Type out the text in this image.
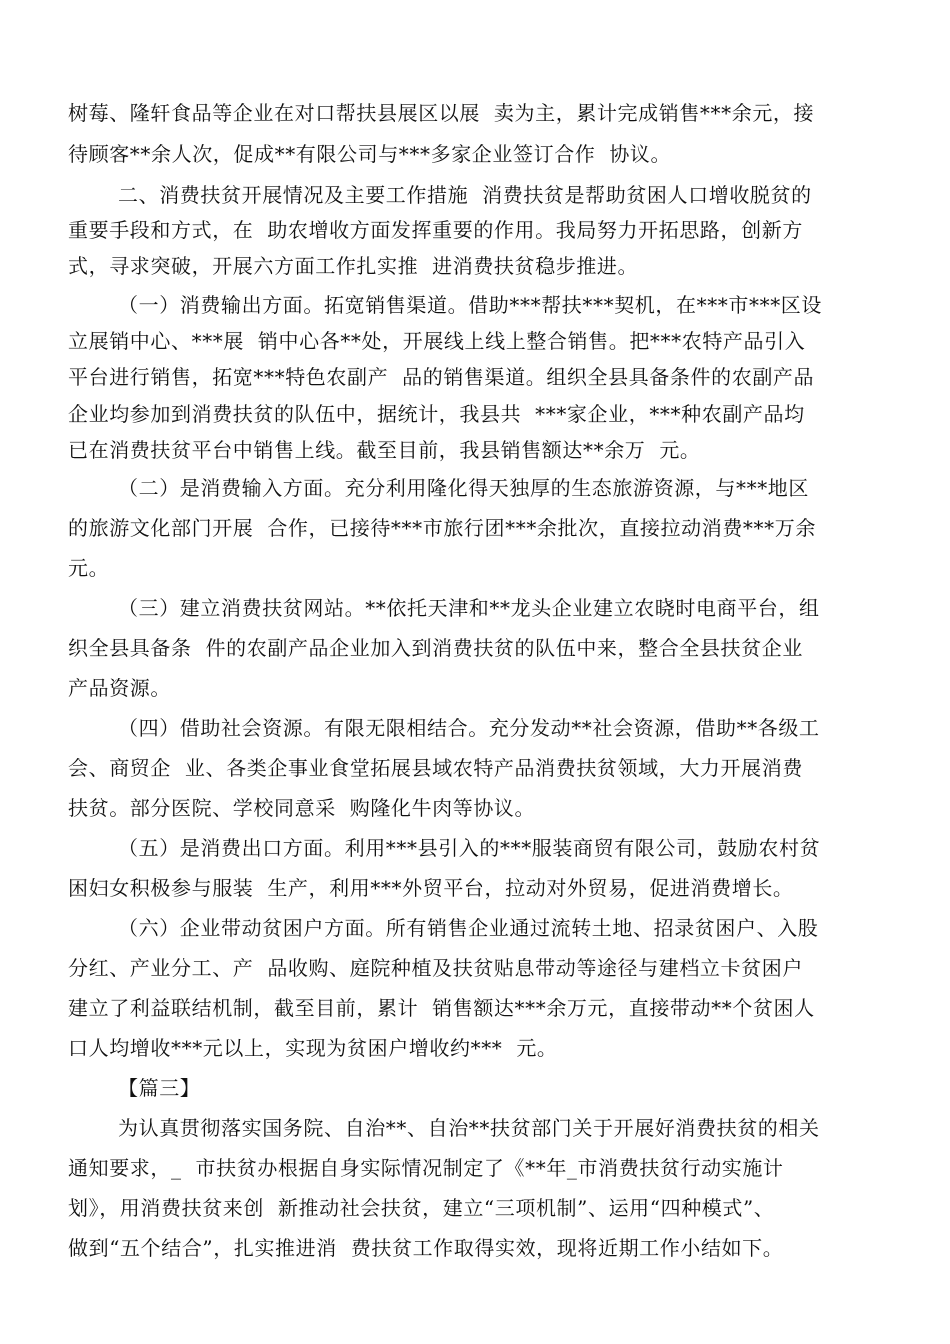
树莓、隆轩食品等企业在对口帮扶县展区以展  卖为主，累计完成销售***余元，接
待顾客**余人次，促成**有限公司与***多家企业签订合作  协议。
二、消费扶贫开展情况及主要工作措施  消费扶贫是帮助贫困人口增收脱贫的
重要手段和方式，在  助农增收方面发挥重要的作用。我局努力开拓思路，创新方
式，寻求突破，开展六方面工作扎实推  进消费扶贫稳步推进。
（一）消费输出方面。拓宽销售渠道。借助***帮扶***契机，在***市***区设
立展销中心、***展  销中心各**处，开展线上线上整合销售。把***农特产品引入
平台进行销售，拓宽***特色农副产  品的销售渠道。组织全县具备条件的农副产品
企业均参加到消费扶贫的队伍中，据统计，我县共  ***家企业，***种农副产品均
已在消费扶贫平台中销售上线。截至目前，我县销售额达**余万  元。
（二）是消费输入方面。充分利用隆化得天独厚的生态旅游资源，与***地区
的旅游文化部门开展  合作，已接待***市旅行团***余批次，直接拉动消费***万余
元。
（三）建立消费扶贫网站。**依托天津和**龙头企业建立农晓时电商平台，组
织全县具备条  件的农副产品企业加入到消费扶贫的队伍中来，整合全县扶贫企业
产品资源。
（四）借助社会资源。有限无限相结合。充分发动**社会资源，借助**各级工
会、商贸企  业、各类企事业食堂拓展县域农特产品消费扶贫领域，大力开展消费
扶贫。部分医院、学校同意采  购隆化牛肉等协议。
（五）是消费出口方面。利用***县引入的***服装商贸有限公司，鼓励农村贫
困妇女积极参与服装  生产，利用***外贸平台，拉动对外贸易，促进消费增长。
（六）企业带动贫困户方面。所有销售企业通过流转土地、招录贫困户、入股
分红、产业分工、产  品收购、庭院种植及扶贫贴息带动等途径与建档立卡贫困户
建立了利益联结机制，截至目前，累计  销售额达***余万元，直接带动**个贫困人
口人均增收***元以上，实现为贫困户增收约***  元。
【篇三】
为认真贯彻落实国务院、自治**、自治**扶贫部门关于开展好消费扶贫的相关
通知要求，_  市扶贫办根据自身实际情况制定了《**年_市消费扶贫行动实施计
划》，用消费扶贫来创  新推动社会扶贫，建立“三项机制”、运用“四种模式”、
做到“五个结合”，扎实推进消  费扶贫工作取得实效，现将近期工作小结如下。
